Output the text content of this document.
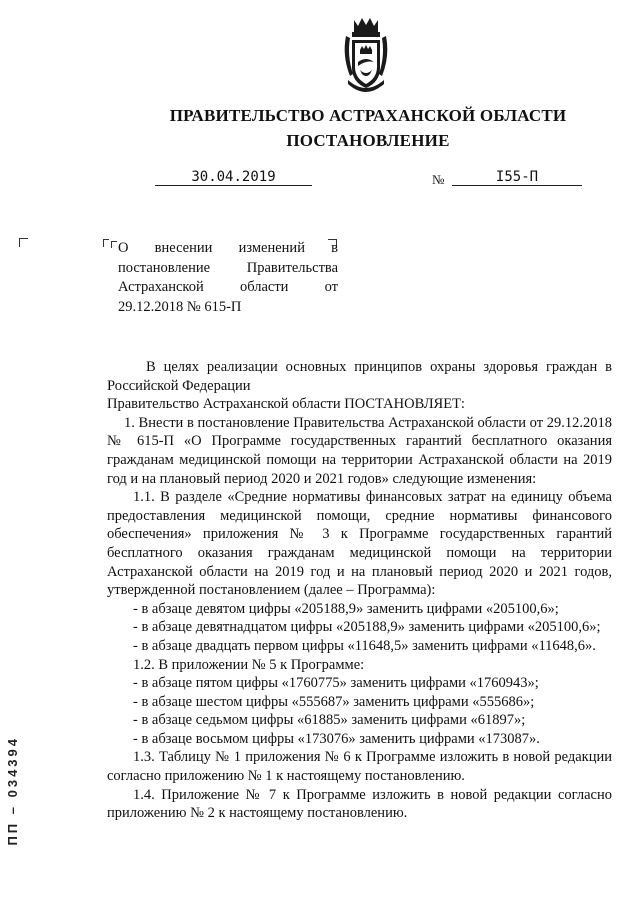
ПРАВИТЕЛЬСТВО АСТРАХАНСКОЙ ОБЛАСТИ
ПОСТАНОВЛЕНИЕ
30.04.2019	№	I55-П
О внесении изменений в постановление Правительства Астраханской области от 29.12.2018 № 615-П

В целях реализации основных принципов охраны здоровья граждан в Российской Федерации

Правительство Астраханской области ПОСТАНОВЛЯЕТ:

1. Внести в постановление Правительства Астраханской области от 29.12.2018 № 615-П «О Программе государственных гарантий бесплатного оказания гражданам медицинской помощи на территории Астраханской области на 2019 год и на плановый период 2020 и 2021 годов» следующие изменения:

1.1. В разделе «Средние нормативы финансовых затрат на единицу объема предоставления медицинской помощи, средние нормативы финансового обеспечения» приложения № 3 к Программе государственных гарантий бесплатного оказания гражданам медицинской помощи на территории Астраханской области на 2019 год и на плановый период 2020 и 2021 годов, утвержденной постановлением (далее – Программа):

- в абзаце девятом цифры «205188,9» заменить цифрами «205100,6»;

- в абзаце девятнадцатом цифры «205188,9» заменить цифрами «205100,6»;

- в абзаце двадцать первом цифры «11648,5» заменить цифрами «11648,6».

1.2. В приложении № 5 к Программе:

- в абзаце пятом цифры «1760775» заменить цифрами «1760943»;

- в абзаце шестом цифры «555687» заменить цифрами «555686»;

- в абзаце седьмом цифры «61885» заменить цифрами «61897»;

- в абзаце восьмом цифры «173076» заменить цифрами «173087».

1.3. Таблицу № 1 приложения № 6 к Программе изложить в новой редакции согласно приложению № 1 к настоящему постановлению.

1.4. Приложение № 7 к Программе изложить в новой редакции согласно приложению № 2 к настоящему постановлению.

ПП – 034394
